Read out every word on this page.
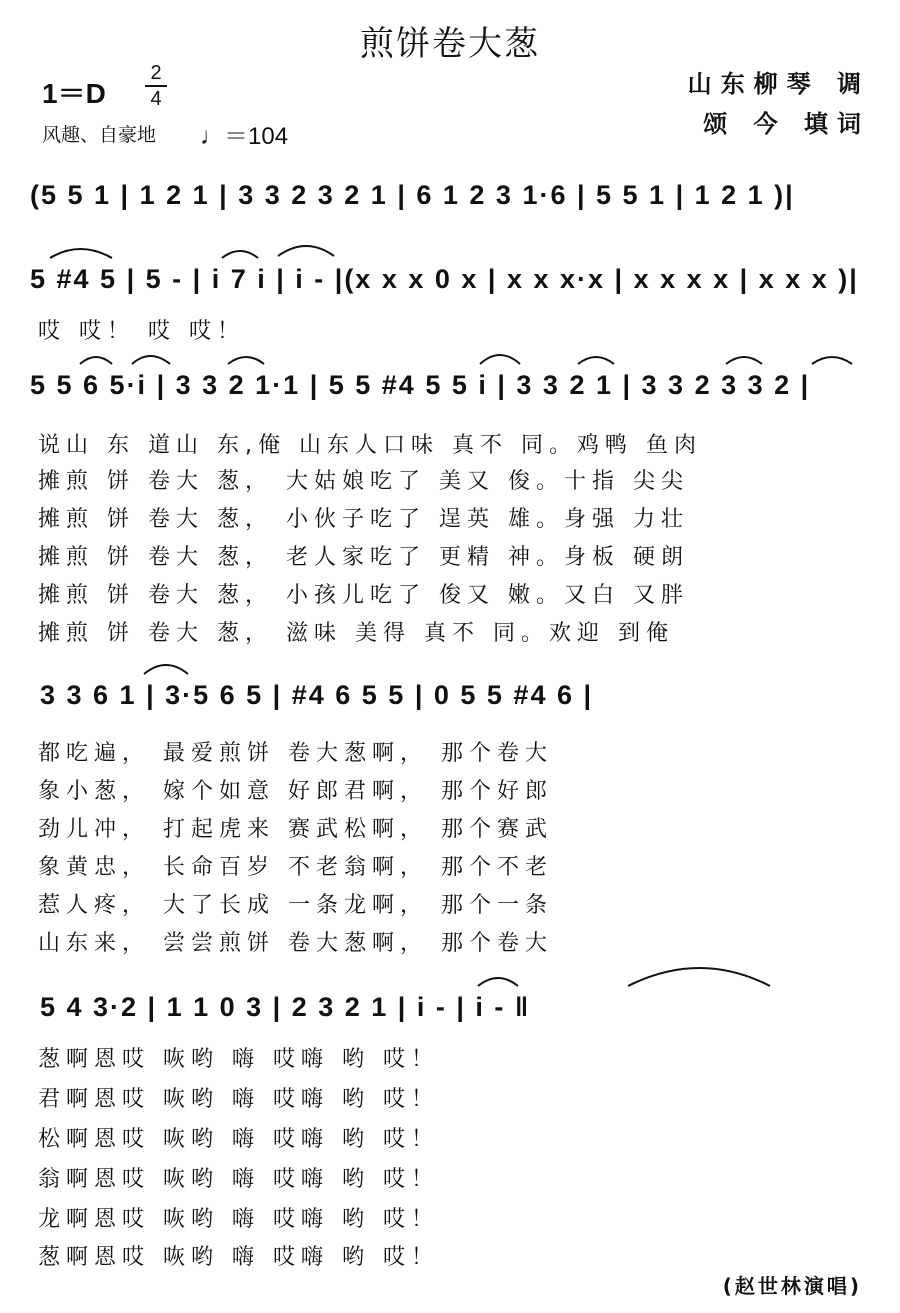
煎饼卷大葱
1＝D
2
4
风趣、自豪地 ♩＝104
山东柳琴 调
颂 今 填词
(5 5 1 | 1 2 1 | 3 3 2 3 2 1 | 6 1 2 3 1·6 | 5 5 1 | 1 2 1 )|
5 #4 5 | 5 - | i 7 i | i - |(x x x 0 x | x x x·x | x x x x | x x x )|
哎 哎！ 哎 哎！
5 5 6 5·i | 3 3 2 1·1 | 5 5 #4 5 5 i | 3 3 2 1 | 3 3 2 3 3 2 |
说山 东 道山 东,俺 山东人口味 真不 同。鸡鸭 鱼肉
摊煎 饼 卷大 葱， 大姑娘吃了 美又 俊。十指 尖尖
摊煎 饼 卷大 葱， 小伙子吃了 逞英 雄。身强 力壮
摊煎 饼 卷大 葱， 老人家吃了 更精 神。身板 硬朗
摊煎 饼 卷大 葱， 小孩儿吃了 俊又 嫩。又白 又胖
摊煎 饼 卷大 葱， 滋味 美得 真不 同。欢迎 到俺
3 3 6 1 | 3·5 6 5 | #4 6 5 5 | 0 5 5 #4 6 |
都吃遍， 最爱煎饼 卷大葱啊， 那个卷大
象小葱， 嫁个如意 好郎君啊， 那个好郎
劲儿冲， 打起虎来 赛武松啊， 那个赛武
象黄忠， 长命百岁 不老翁啊， 那个不老
惹人疼， 大了长成 一条龙啊， 那个一条
山东来， 尝尝煎饼 卷大葱啊， 那个卷大
5 4 3·2 | 1 1 0 3 | 2 3 2 1 | i - | i - ‖
葱啊恩哎 咴哟 嗨 哎嗨 哟 哎！
君啊恩哎 咴哟 嗨 哎嗨 哟 哎！
松啊恩哎 咴哟 嗨 哎嗨 哟 哎！
翁啊恩哎 咴哟 嗨 哎嗨 哟 哎！
龙啊恩哎 咴哟 嗨 哎嗨 哟 哎！
葱啊恩哎 咴哟 嗨 哎嗨 哟 哎！
(赵世林演唱)
